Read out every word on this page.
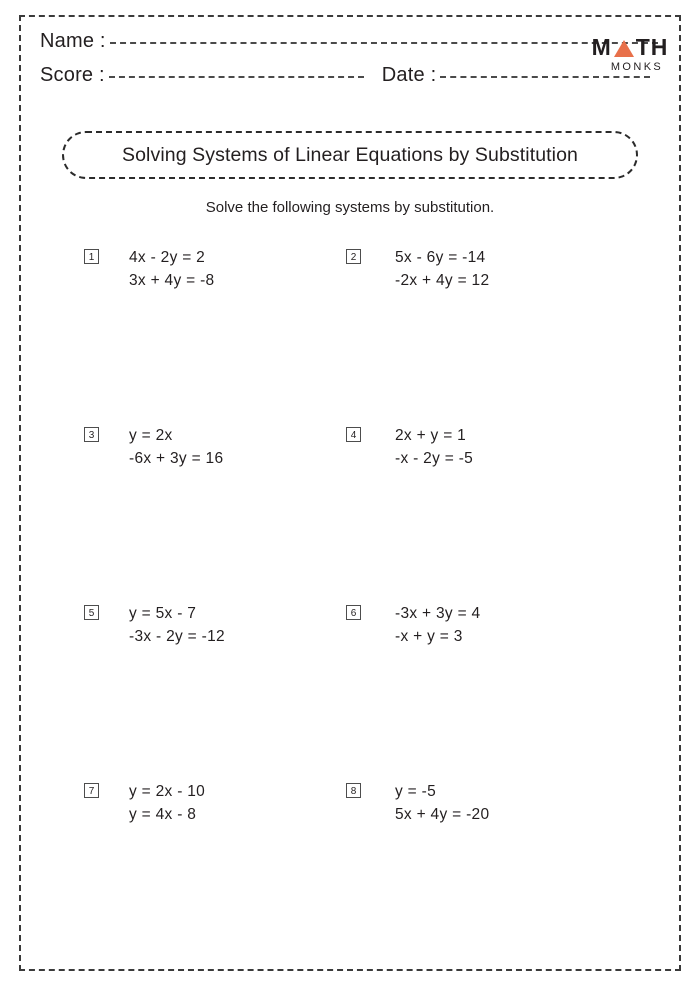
Name :
Score :	Date :
M TH
MONKS
Solving Systems of Linear Equations by Substitution
Solve the following systems by substitution.
1	4x - 2y = 2
3x + 4y = -8
2	5x - 6y = -14
-2x + 4y = 12
3	y = 2x
-6x + 3y = 16
4	2x + y = 1
-x - 2y = -5
5	y = 5x - 7
-3x - 2y = -12
6	-3x + 3y = 4
-x + y = 3
7	y = 2x - 10
y = 4x - 8
8	y = -5
5x + 4y = -20
